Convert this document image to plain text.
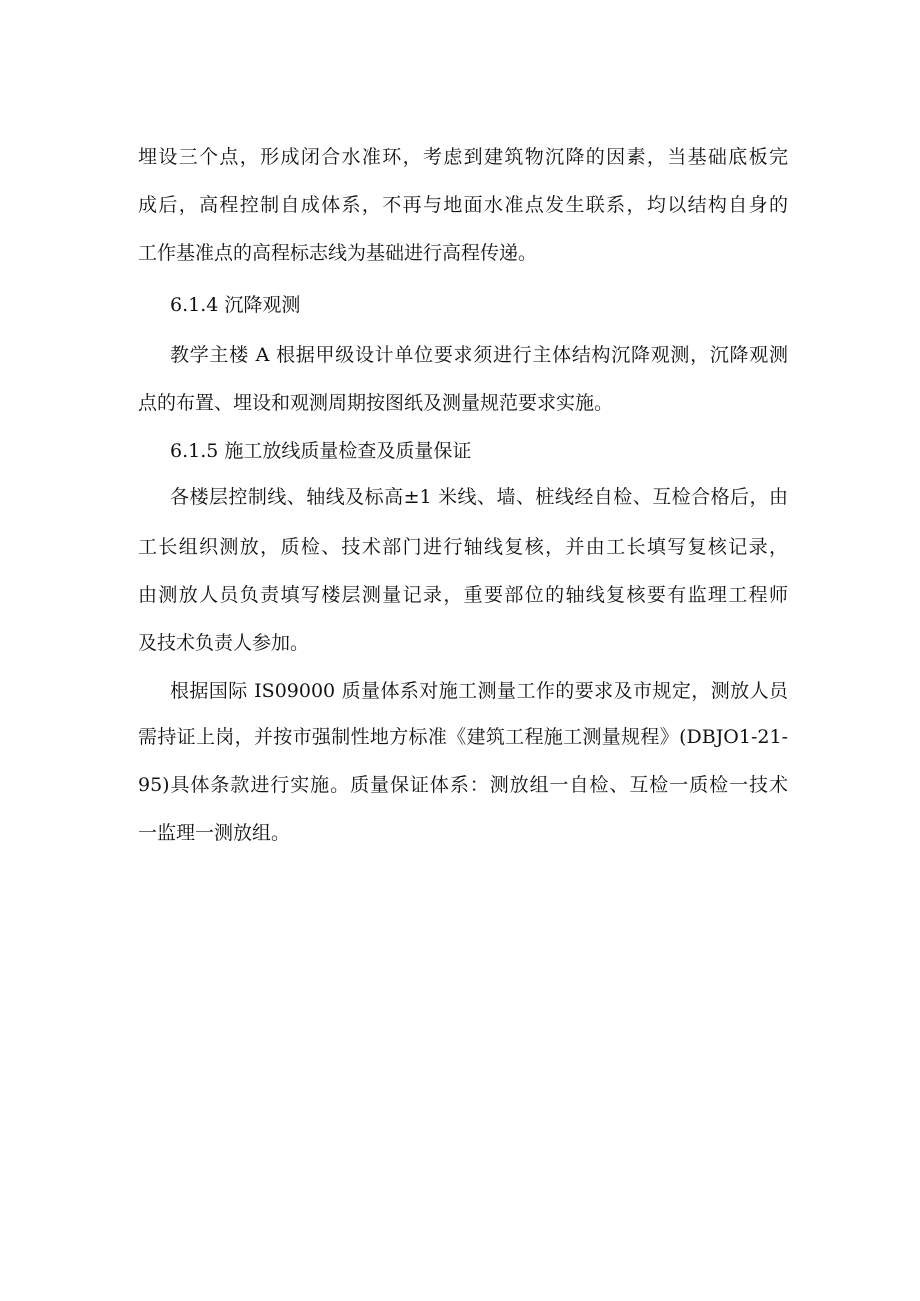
埋设三个点，形成闭合水准环，考虑到建筑物沉降的因素，当基础底板完
成后，高程控制自成体系，不再与地面水准点发生联系，均以结构自身的
工作基准点的高程标志线为基础进行高程传递。
6.1.4 沉降观测
教学主楼 A 根据甲级设计单位要求须进行主体结构沉降观测，沉降观测
点的布置、埋设和观测周期按图纸及测量规范要求实施。
6.1.5 施工放线质量检查及质量保证
各楼层控制线、轴线及标高±1 米线、墙、桩线经自检、互检合格后，由
工长组织测放，质检、技术部门进行轴线复核，并由工长填写复核记录，
由测放人员负责填写楼层测量记录，重要部位的轴线复核要有监理工程师
及技术负责人参加。
根据国际 IS09000 质量体系对施工测量工作的要求及市规定，测放人员
需持证上岗，并按市强制性地方标准《建筑工程施工测量规程》(DBJO1-21-
95)具体条款进行实施。质量保证体系：测放组一自检、互检一质检一技术
一监理一测放组。
